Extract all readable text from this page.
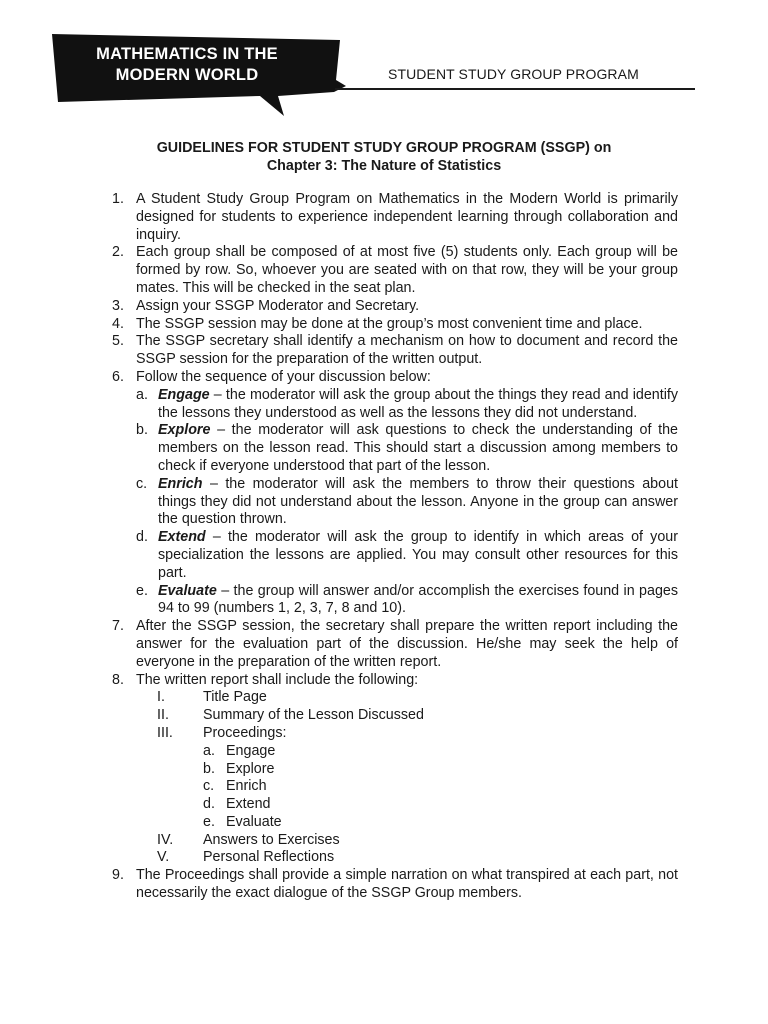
MATHEMATICS IN THE
MODERN WORLD	STUDENT STUDY GROUP PROGRAM
GUIDELINES FOR STUDENT STUDY GROUP PROGRAM (SSGP) on
Chapter 3: The Nature of Statistics
1. A Student Study Group Program on Mathematics in the Modern World is primarily designed for students to experience independent learning through collaboration and inquiry.
2. Each group shall be composed of at most five (5) students only. Each group will be formed by row. So, whoever you are seated with on that row, they will be your group mates. This will be checked in the seat plan.
3. Assign your SSGP Moderator and Secretary.
4. The SSGP session may be done at the group’s most convenient time and place.
5. The SSGP secretary shall identify a mechanism on how to document and record the SSGP session for the preparation of the written output.
6. Follow the sequence of your discussion below:
a. Engage – the moderator will ask the group about the things they read and identify the lessons they understood as well as the lessons they did not understand.
b. Explore – the moderator will ask questions to check the understanding of the members on the lesson read. This should start a discussion among members to check if everyone understood that part of the lesson.
c. Enrich – the moderator will ask the members to throw their questions about things they did not understand about the lesson. Anyone in the group can answer the question thrown.
d. Extend – the moderator will ask the group to identify in which areas of your specialization the lessons are applied. You may consult other resources for this part.
e. Evaluate – the group will answer and/or accomplish the exercises found in pages 94 to 99 (numbers 1, 2, 3, 7, 8 and 10).
7. After the SSGP session, the secretary shall prepare the written report including the answer for the evaluation part of the discussion. He/she may seek the help of everyone in the preparation of the written report.
8. The written report shall include the following:
I.	Title Page
II.	Summary of the Lesson Discussed
III.	Proceedings:
a. Engage
b. Explore
c. Enrich
d. Extend
e. Evaluate
IV.	Answers to Exercises
V.	Personal Reflections
9. The Proceedings shall provide a simple narration on what transpired at each part, not necessarily the exact dialogue of the SSGP Group members.
